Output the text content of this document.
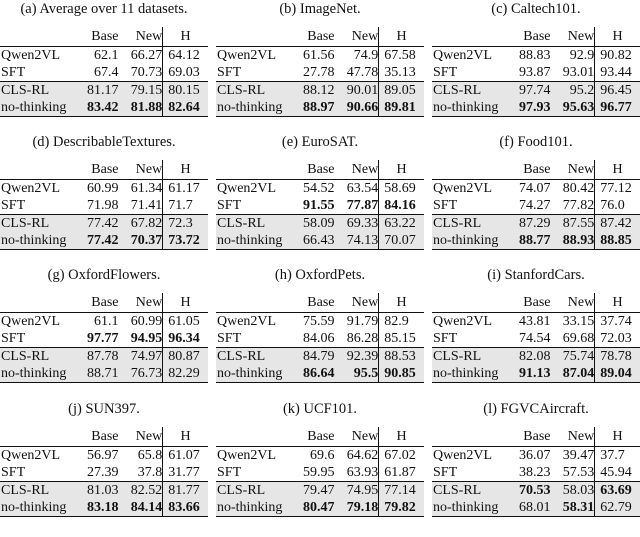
(a) Average over 11 datasets.
	Base	New	H
Qwen2VL	62.1	66.27	64.12
SFT	67.4	70.73	69.03
CLS-RL	81.17	79.15	80.15
no-thinking	83.42	81.88	82.64
(b) ImageNet.
	Base	New	H
Qwen2VL	61.56	74.9	67.58
SFT	27.78	47.78	35.13
CLS-RL	88.12	90.01	89.05
no-thinking	88.97	90.66	89.81
(c) Caltech101.
	Base	New	H
Qwen2VL	88.83	92.9	90.82
SFT	93.87	93.01	93.44
CLS-RL	97.74	95.2	96.45
no-thinking	97.93	95.63	96.77
(d) DescribableTextures.
	Base	New	H
Qwen2VL	60.99	61.34	61.17
SFT	71.98	71.41	71.7
CLS-RL	77.42	67.82	72.3
no-thinking	77.42	70.37	73.72
(e) EuroSAT.
	Base	New	H
Qwen2VL	54.52	63.54	58.69
SFT	91.55	77.87	84.16
CLS-RL	58.09	69.33	63.22
no-thinking	66.43	74.13	70.07
(f) Food101.
	Base	New	H
Qwen2VL	74.07	80.42	77.12
SFT	74.27	77.82	76.0
CLS-RL	87.29	87.55	87.42
no-thinking	88.77	88.93	88.85
(g) OxfordFlowers.
	Base	New	H
Qwen2VL	61.1	60.99	61.05
SFT	97.77	94.95	96.34
CLS-RL	87.78	74.97	80.87
no-thinking	88.71	76.73	82.29
(h) OxfordPets.
	Base	New	H
Qwen2VL	75.59	91.79	82.9
SFT	84.06	86.28	85.15
CLS-RL	84.79	92.39	88.53
no-thinking	86.64	95.5	90.85
(i) StanfordCars.
	Base	New	H
Qwen2VL	43.81	33.15	37.74
SFT	74.54	69.68	72.03
CLS-RL	82.08	75.74	78.78
no-thinking	91.13	87.04	89.04
(j) SUN397.
	Base	New	H
Qwen2VL	56.97	65.8	61.07
SFT	27.39	37.8	31.77
CLS-RL	81.03	82.52	81.77
no-thinking	83.18	84.14	83.66
(k) UCF101.
	Base	New	H
Qwen2VL	69.6	64.62	67.02
SFT	59.95	63.93	61.87
CLS-RL	79.47	74.95	77.14
no-thinking	80.47	79.18	79.82
(l) FGVCAircraft.
	Base	New	H
Qwen2VL	36.07	39.47	37.7
SFT	38.23	57.53	45.94
CLS-RL	70.53	58.03	63.69
no-thinking	68.01	58.31	62.79
